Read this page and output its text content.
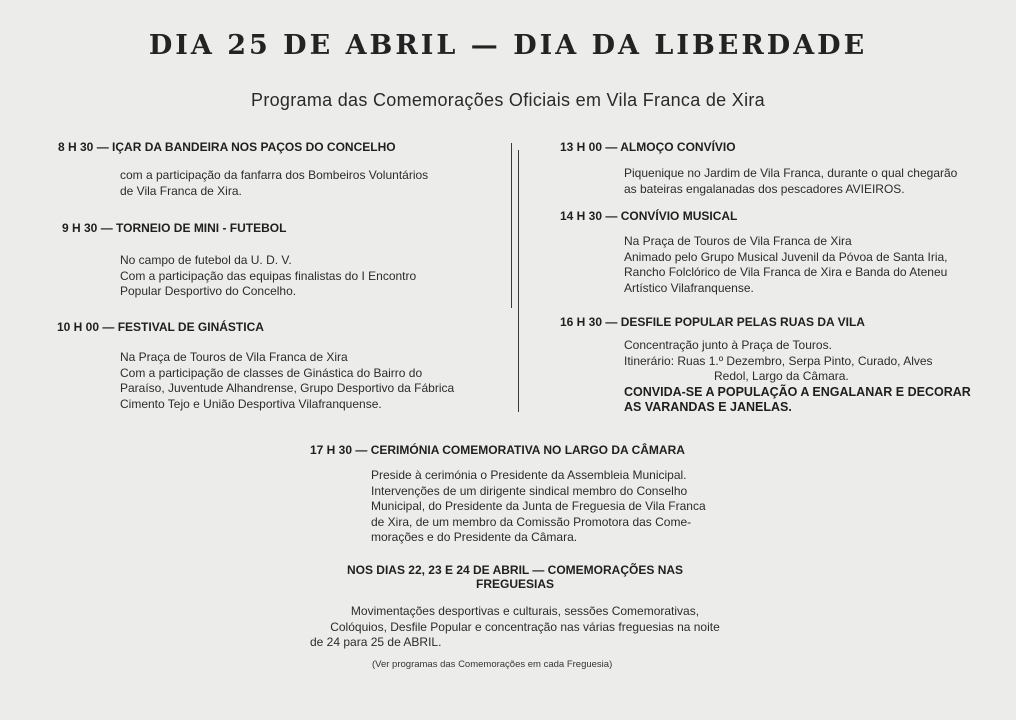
DIA 25 DE ABRIL — DIA DA LIBERDADE
Programa das Comemorações Oficiais em Vila Franca de Xira
8 H 30 — IÇAR DA BANDEIRA NOS PAÇOS DO CONCELHO
com a participação da fanfarra dos Bombeiros Voluntários
de Vila Franca de Xira.
9 H 30 — TORNEIO DE MINI - FUTEBOL
No campo de futebol da U. D. V.
Com a participação das equipas finalistas do I Encontro
Popular Desportivo do Concelho.
10 H 00 — FESTIVAL DE GINÁSTICA
Na Praça de Touros de Vila Franca de Xira
Com a participação de classes de Ginástica do Bairro do
Paraíso, Juventude Alhandrense, Grupo Desportivo da Fábrica
Cimento Tejo e União Desportiva Vilafranquense.
13 H 00 — ALMOÇO CONVÍVIO
Piquenique no Jardim de Vila Franca, durante o qual chegarão
as bateiras engalanadas dos pescadores AVIEIROS.
14 H 30 — CONVÍVIO MUSICAL
Na Praça de Touros de Vila Franca de Xira
Animado pelo Grupo Musical Juvenil da Póvoa de Santa Iria,
Rancho Folclórico de Vila Franca de Xira e Banda do Ateneu
Artístico Vilafranquense.
16 H 30 — DESFILE POPULAR PELAS RUAS DA VILA
Concentração junto à Praça de Touros.
Itinerário: Ruas 1.º Dezembro, Serpa Pinto, Curado, Alves
Redol, Largo da Câmara.
CONVIDA-SE A POPULAÇÃO A ENGALANAR E DECORAR
AS VARANDAS E JANELAS.
17 H 30 — CERIMÓNIA COMEMORATIVA NO LARGO DA CÂMARA
Preside à cerimónia o Presidente da Assembleia Municipal.
Intervenções de um dirigente sindical membro do Conselho
Municipal, do Presidente da Junta de Freguesia de Vila Franca
de Xira, de um membro da Comissão Promotora das Come-
morações e do Presidente da Câmara.
NOS DIAS 22, 23 E 24 DE ABRIL — COMEMORAÇÕES NAS
FREGUESIAS
Movimentações desportivas e culturais, sessões Comemorativas,
Colóquios, Desfile Popular e concentração nas várias freguesias na noite
de 24 para 25 de ABRIL.
(Ver programas das Comemorações em cada Freguesia)
